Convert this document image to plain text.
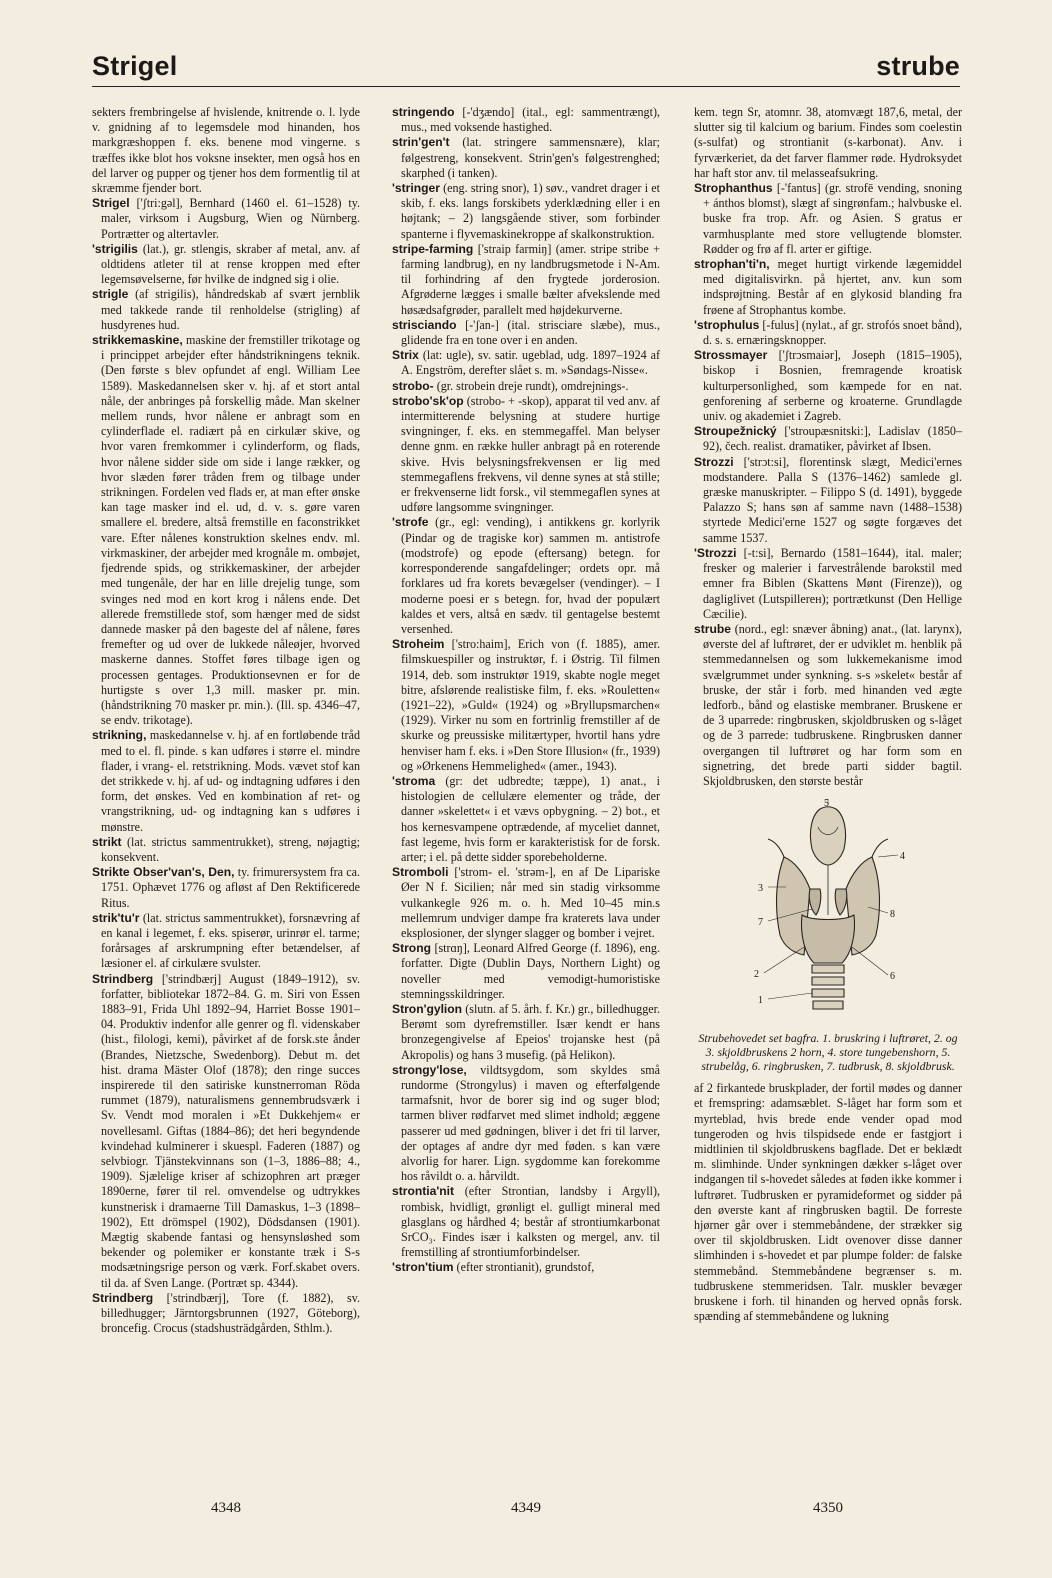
Strigel	strube

sekters frembringelse af hvislende, knitrende o. l. lyde v. gnidning af to legemsdele mod hinanden, hos markgræshoppen f. eks. benene mod vingerne. s træffes ikke blot hos voksne insekter, men også hos en del larver og pupper og tjener hos dem formentlig til at skræmme fjender bort.

Strigel ['ʃtri:gəl], Bernhard (1460 el. 61–1528) ty. maler, virksom i Augsburg, Wien og Nürnberg. Portrætter og altertavler.

'strigilis (lat.), gr. stlengis, skraber af metal, anv. af oldtidens atleter til at rense kroppen med efter legemsøvelserne, før hvilke de indgned sig i olie.

strigle (af strigilis), håndredskab af svært jernblik med takkede rande til renholdelse (strigling) af husdyrenes hud.

strikkemaskine, maskine der fremstiller trikotage og i princippet arbejder efter håndstrikningens teknik. (Den første s blev opfundet af engl. William Lee 1589). Maskedannelsen sker v. hj. af et stort antal nåle, der anbringes på forskellig måde. Man skelner mellem runds, hvor nålene er anbragt som en cylinderflade el. radiært på en cirkulær skive, og hvor varen fremkommer i cylinderform, og flads, hvor nålene sidder side om side i lange rækker, og hvor slæden fører tråden frem og tilbage under strikningen. Fordelen ved flads er, at man efter ønske kan tage masker ind el. ud, d. v. s. gøre varen smallere el. bredere, altså fremstille en faconstrikket vare. Efter nålenes konstruktion skelnes endv. ml. virkmaskiner, der arbejder med krognåle m. ombøjet, fjedrende spids, og strikkemaskiner, der arbejder med tungenåle, der har en lille drejelig tunge, som svinges ned mod en kort krog i nålens ende. Det allerede fremstillede stof, som hænger med de sidst dannede masker på den bageste del af nålene, føres fremefter og ud over de lukkede nåleøjer, hvorved maskerne dannes. Stoffet føres tilbage igen og processen gentages. Produktionsevnen er for de hurtigste s over 1,3 mill. masker pr. min. (håndstrikning 70 masker pr. min.). (Ill. sp. 4346–47, se endv. trikotage).

strikning, maskedannelse v. hj. af en fortløbende tråd med to el. fl. pinde. s kan udføres i større el. mindre flader, i vrang- el. retstrikning. Mods. vævet stof kan det strikkede v. hj. af ud- og indtagning udføres i den form, det ønskes. Ved en kombination af ret- og vrangstrikning, ud- og indtagning kan s udføres i mønstre.

strikt (lat. strictus sammentrukket), streng, nøjagtig; konsekvent.

Strikte Obser'van's, Den, ty. frimurersystem fra ca. 1751. Ophævet 1776 og afløst af Den Rektificerede Ritus.

strik'tu'r (lat. strictus sammentrukket), forsnævring af en kanal i legemet, f. eks. spiserør, urinrør el. tarme; forårsages af arskrumpning efter betændelser, af læsioner el. af cirkulære svulster.

Strindberg ['strindbærj] August (1849–1912), sv. forfatter, bibliotekar 1872–84. G. m. Siri von Essen 1883–91, Frida Uhl 1892–94, Harriet Bosse 1901–04. Produktiv indenfor alle genrer og fl. videnskaber (hist., filologi, kemi), påvirket af de forsk.ste ånder (Brandes, Nietzsche, Swedenborg). Debut m. det hist. drama Mäster Olof (1878); den ringe succes inspirerede til den satiriske kunstnerroman Röda rummet (1879), naturalismens gennembrudsværk i Sv. Vendt mod moralen i »Et Dukkehjem« er novellesaml. Giftas (1884–86); det heri begyndende kvindehad kulminerer i skuespl. Faderen (1887) og selvbiogr. Tjänstekvinnans son (1–3, 1886–88; 4., 1909). Sjælelige kriser af schizophren art præger 1890erne, fører til rel. omvendelse og udtrykkes kunstnerisk i dramaerne Till Damaskus, 1–3 (1898–1902), Ett drömspel (1902), Dödsdansen (1901). Mægtig skabende fantasi og hensynsløshed som bekender og polemiker er konstante træk i S-s modsætningsrige person og værk. Forf.skabet overs. til da. af Sven Lange. (Portræt sp. 4344).

Strindberg ['strindbærj], Tore (f. 1882), sv. billedhugger; Järntorgsbrunnen (1927, Göteborg), broncefig. Crocus (stadshusträdgården, Sthlm.).

stringendo [-'dʒændo] (ital., egl: sammentrængt), mus., med voksende hastighed.

strin'gen't (lat. stringere sammensnære), klar; følgestreng, konsekvent. Strin'gen's følgestrenghed; skarphed (i tanken).

'stringer (eng. string snor), 1) søv., vandret drager i et skib, f. eks. langs forskibets yderklædning eller i en højtank; – 2) langsgående stiver, som forbinder spanterne i flyvemaskinekroppe af skalkonstruktion.

stripe-farming ['straip farmiŋ] (amer. stripe stribe + farming landbrug), en ny landbrugsmetode i N-Am. til forhindring af den frygtede jorderosion. Afgrøderne lægges i smalle bælter afvekslende med høsædsafgrøder, parallelt med højdekurverne.

strisciando [-'ʃan-] (ital. strisciare slæbe), mus., glidende fra en tone over i en anden.

Strix (lat: ugle), sv. satir. ugeblad, udg. 1897–1924 af A. Engström, derefter slået s. m. »Søndags-Nisse«.

strobo- (gr. strobein dreje rundt), omdrejnings-.

strobo'sk'op (strobo- + -skop), apparat til ved anv. af intermitterende belysning at studere hurtige svingninger, f. eks. en stemmegaffel. Man belyser denne gnm. en række huller anbragt på en roterende skive. Hvis belysningsfrekvensen er lig med stemmegaflens frekvens, vil denne synes at stå stille; er frekvenserne lidt forsk., vil stemmegaflen synes at udføre langsomme svingninger.

'strofe (gr., egl: vending), i antikkens gr. korlyrik (Pindar og de tragiske kor) sammen m. antistrofe (modstrofe) og epode (eftersang) betegn. for korresponderende sangafdelinger; ordets opr. må forklares ud fra korets bevægelser (vendinger). – I moderne poesi er s betegn. for, hvad der populært kaldes et vers, altså en sædv. til gentagelse bestemt versenhed.

Stroheim ['stro:haim], Erich von (f. 1885), amer. filmskuespiller og instruktør, f. i Østrig. Til filmen 1914, deb. som instruktør 1919, skabte nogle meget bitre, afslørende realistiske film, f. eks. »Rouletten« (1921–22), »Guld« (1924) og »Bryllupsmarchen« (1929). Virker nu som en fortrinlig fremstiller af de skurke og preussiske militærtyper, hvortil hans ydre henviser ham f. eks. i »Den Store Illusion« (fr., 1939) og »Ørkenens Hemmelighed« (amer., 1943).

'stroma (gr: det udbredte; tæppe), 1) anat., i histologien de cellulære elementer og tråde, der danner »skelettet« i et vævs opbygning. – 2) bot., et hos kernesvampene optrædende, af myceliet dannet, fast legeme, hvis form er karakteristisk for de forsk. arter; i el. på dette sidder sporebeholderne.

Stromboli ['strom- el. 'strəm-], en af De Lipariske Øer N f. Sicilien; når med sin stadig virksomme vulkankegle 926 m. o. h. Med 10–45 min.s mellemrum undviger dampe fra kraterets lava under eksplosioner, der slynger slagger og bomber i vejret.

Strong [strɑŋ], Leonard Alfred George (f. 1896), eng. forfatter. Digte (Dublin Days, Northern Light) og noveller med vemodigt-humoristiske stemningsskildringer.

Stron'gylion (slutn. af 5. årh. f. Kr.) gr., billedhugger. Berømt som dyrefremstiller. Især kendt er hans bronzegengivelse af Epeios' trojanske hest (på Akropolis) og hans 3 musefig. (på Helikon).

strongy'lose, vildtsygdom, som skyldes små rundorme (Strongylus) i maven og efterfølgende tarmafsnit, hvor de borer sig ind og suger blod; tarmen bliver rødfarvet med slimet indhold; æggene passerer ud med gødningen, bliver i det fri til larver, der optages af andre dyr med føden. s kan være alvorlig for harer. Lign. sygdomme kan forekomme hos råvildt o. a. hårvildt.

strontia'nit (efter Strontian, landsby i Argyll), rombisk, hvidligt, grønligt el. gulligt mineral med glasglans og hårdhed 4; består af strontiumkarbonat SrCO₃. Findes især i kalksten og mergel, anv. til fremstilling af strontiumforbindelser.

'stron'tium (efter strontianit), grundstof,

kem. tegn Sr, atomnr. 38, atomvægt 187,6, metal, der slutter sig til kalcium og barium. Findes som coelestin (s-sulfat) og strontianit (s-karbonat). Anv. i fyrværkeriet, da det farver flammer røde. Hydroksydet har haft stor anv. til melasseafsukring.

Strophanthus [-'fantus] (gr. strofē vending, snoning + ánthos blomst), slægt af singrønfam.; halvbuske el. buske fra trop. Afr. og Asien. S gratus er varmhusplante med store vellugtende blomster. Rødder og frø af fl. arter er giftige.

strophan'ti'n, meget hurtigt virkende lægemiddel med digitalisvirkn. på hjertet, anv. kun som indsprøjtning. Består af en glykosid blanding fra frøene af Strophantus kombe.

'strophulus [-fulus] (nylat., af gr. strofós snoet bånd), d. s. s. ernæringsknopper.

Strossmayer ['ʃtrɔsmaiər], Joseph (1815–1905), biskop i Bosnien, fremragende kroatisk kulturpersonlighed, som kæmpede for en nat. genforening af serberne og kroaterne. Grundlagde univ. og akademiet i Zagreb.

Stroupežnický ['stroupæsnitski:], Ladislav (1850–92), čech. realist. dramatiker, påvirket af Ibsen.

Strozzi ['strɔt:si], florentinsk slægt, Medici'ernes modstandere. Palla S (1376–1462) samlede gl. græske manuskripter. – Filippo S (d. 1491), byggede Palazzo S; hans søn af samme navn (1488–1538) styrtede Medici'erne 1527 og søgte forgæves det samme 1537.

'Strozzi [-t:si], Bernardo (1581–1644), ital. maler; fresker og malerier i farvestrålende barokstil med emner fra Biblen (Skattens Mønt (Firenze)), og dagliglivet (Lutspillerен); portrætkunst (Den Hellige Cæcilie).

strube (nord., egl: snæver åbning) anat., (lat. larynx), øverste del af luftrøret, der er udviklet m. henblik på stemmedannelsen og som lukkemekanisme imod svælgrummet under synkning. s-s »skelet« består af bruske, der står i forb. med hinanden ved ægte ledforb., bånd og elastiske membraner. Bruskene er de 3 uparrede: ringbrusken, skjoldbrusken og s-låget og de 3 parrede: tudbruskene. Ringbrusken danner overgangen til luftrøret og har form som en signetring, det brede parti sidder bagtil. Skjoldbrusken, den største består

5
4
3
7
8
2	6
1

Strubehovedet set bagfra. 1. bruskring i luftrøret, 2. og 3. skjoldbruskens 2 horn, 4. store tungebenshorn, 5. strubelåg, 6. ringbrusken, 7. tudbrusk, 8. skjoldbrusk.

af 2 firkantede bruskplader, der fortil mødes og danner et fremspring: adamsæblet. S-låget har form som et myrteblad, hvis brede ende vender opad mod tungeroden og hvis tilspidsede ende er fastgjort i midtlinien til skjoldbruskens bagflade. Det er beklædt m. slimhinde. Under synkningen dækker s-låget over indgangen til s-hovedet således at føden ikke kommer i luftrøret. Tudbrusken er pyramideformet og sidder på den øverste kant af ringbrusken bagtil. De forreste hjørner går over i stemmebåndene, der strækker sig over til skjoldbrusken. Lidt ovenover disse danner slimhinden i s-hovedet et par plumpe folder: de falske stemmebånd. Stemmebåndene begrænser s. m. tudbruskene stemmeridsen. Talr. muskler bevæger bruskene i forh. til hinanden og herved opnås forsk. spænding af stemmebåndene og lukning

4348	4349	4350
